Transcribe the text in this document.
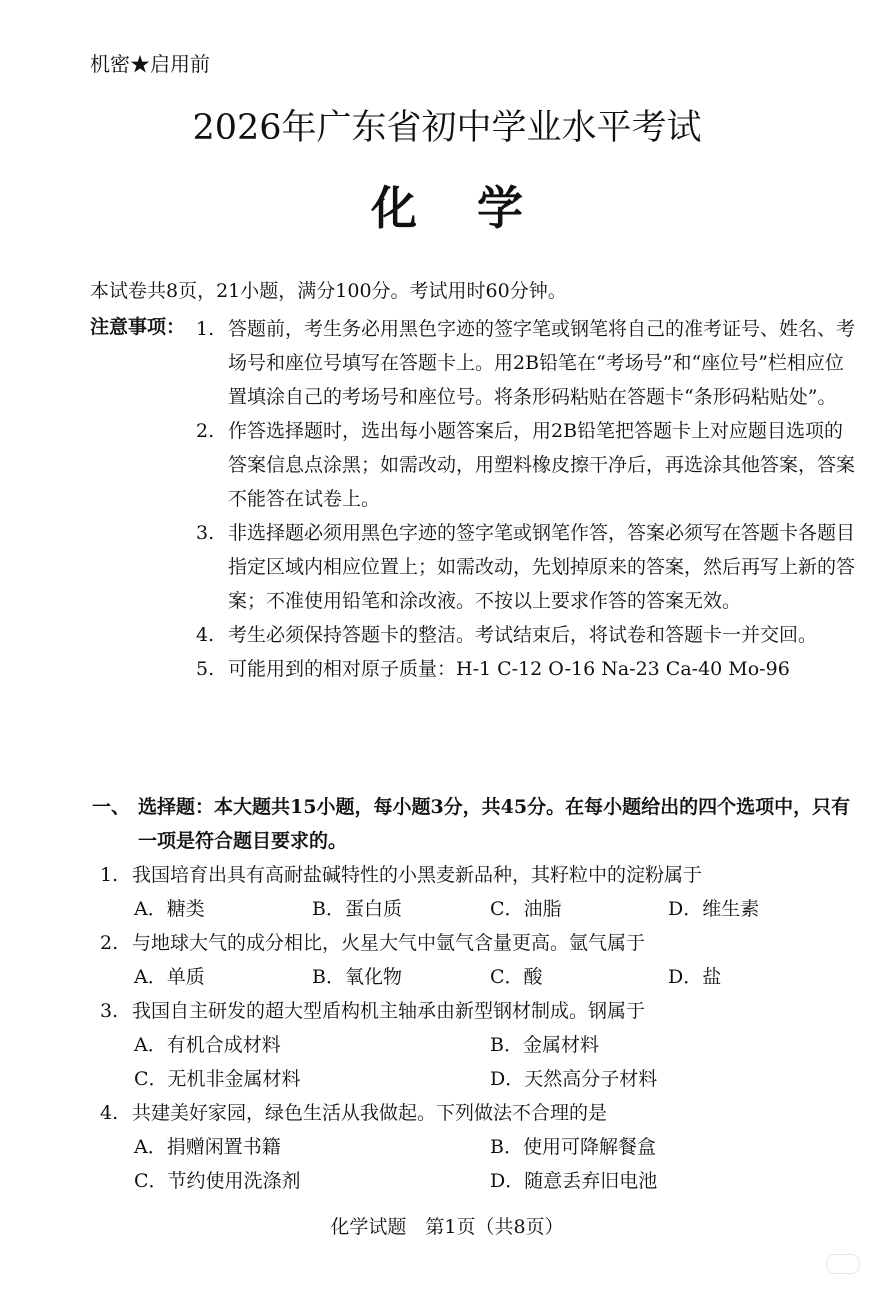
机密★启用前
2026年广东省初中学业水平考试
化学
本试卷共8页，21小题，满分100分。考试用时60分钟。
注意事项： 1. 答题前，考生务必用黑色字迹的签字笔或钢笔将自己的准考证号、姓名、考场号和座位号填写在答题卡上。用2B铅笔在“考场号”和“座位号”栏相应位置填涂自己的考场号和座位号。将条形码粘贴在答题卡“条形码粘贴处”。
2. 作答选择题时，选出每小题答案后，用2B铅笔把答题卡上对应题目选项的答案信息点涂黑；如需改动，用塑料橡皮擦干净后，再选涂其他答案，答案不能答在试卷上。
3. 非选择题必须用黑色字迹的签字笔或钢笔作答，答案必须写在答题卡各题目指定区域内相应位置上；如需改动，先划掉原来的答案，然后再写上新的答案；不准使用铅笔和涂改液。不按以上要求作答的答案无效。
4. 考生必须保持答题卡的整洁。考试结束后，将试卷和答题卡一并交回。
5. 可能用到的相对原子质量：H-1 C-12 O-16 Na-23 Ca-40 Mo-96
一、 选择题：本大题共15小题，每小题3分，共45分。在每小题给出的四个选项中，只有一项是符合题目要求的。
1. 我国培育出具有高耐盐碱特性的小黑麦新品种，其籽粒中的淀粉属于
A．糖类	B．蛋白质	C．油脂	D．维生素
2. 与地球大气的成分相比，火星大气中氩气含量更高。氩气属于
A．单质	B．氧化物	C．酸	D．盐
3. 我国自主研发的超大型盾构机主轴承由新型钢材制成。钢属于
A．有机合成材料	B．金属材料
C．无机非金属材料	D．天然高分子材料
4. 共建美好家园，绿色生活从我做起。下列做法不合理的是
A．捐赠闲置书籍	B．使用可降解餐盒
C．节约使用洗涤剂	D．随意丢弃旧电池
化学试题　第1页（共8页）
